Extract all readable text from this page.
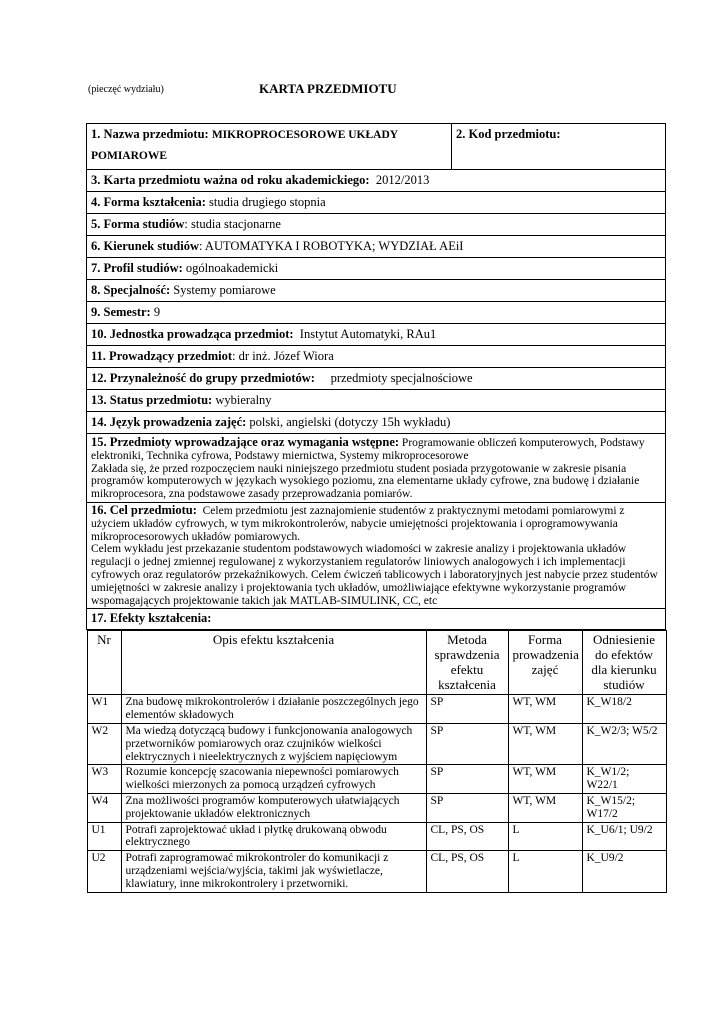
(pieczęć wydziału)	KARTA PRZEDMIOTU
1. Nazwa przedmiotu: MIKROPROCESOROWE UKŁADY
POMIAROWE	2. Kod przedmiotu:
3. Karta przedmiotu ważna od roku akademickiego: 2012/2013
4. Forma kształcenia: studia drugiego stopnia
5. Forma studiów: studia stacjonarne
6. Kierunek studiów: AUTOMATYKA I ROBOTYKA; WYDZIAŁ AEiI
7. Profil studiów: ogólnoakademicki
8. Specjalność: Systemy pomiarowe
9. Semestr: 9
10. Jednostka prowadząca przedmiot: Instytut Automatyki, RAu1
11. Prowadzący przedmiot: dr inż. Józef Wiora
12. Przynależność do grupy przedmiotów: przedmioty specjalnościowe
13. Status przedmiotu: wybieralny
14. Język prowadzenia zajęć: polski, angielski (dotyczy 15h wykładu)

15. Przedmioty wprowadzające oraz wymagania wstępne: Programowanie obliczeń komputerowych, Podstawy elektroniki, Technika cyfrowa, Podstawy miernictwa, Systemy mikroprocesorowe
Zakłada się, że przed rozpoczęciem nauki niniejszego przedmiotu student posiada przygotowanie w zakresie pisania programów komputerowych w językach wysokiego poziomu, zna elementarne układy cyfrowe, zna budowę i działanie mikroprocesora, zna podstawowe zasady przeprowadzania pomiarów.

16. Cel przedmiotu: Celem przedmiotu jest zaznajomienie studentów z praktycznymi metodami pomiarowymi z użyciem układów cyfrowych, w tym mikrokontrolerów, nabycie umiejętności projektowania i oprogramowywania mikroprocesorowych układów pomiarowych.
Celem wykładu jest przekazanie studentom podstawowych wiadomości w zakresie analizy i projektowania układów regulacji o jednej zmiennej regulowanej z wykorzystaniem regulatorów liniowych analogowych i ich implementacji cyfrowych oraz regulatorów przekaźnikowych. Celem ćwiczeń tablicowych i laboratoryjnych jest nabycie przez studentów umiejętności w zakresie analizy i projektowania tych układów, umożliwiające efektywne wykorzystanie programów wspomagających projektowanie takich jak MATLAB-SIMULINK, CC, etc

17. Efekty kształcenia:

Nr	Opis efektu kształcenia	Metoda sprawdzenia efektu kształcenia	Forma prowadzenia zajęć	Odniesienie do efektów dla kierunku studiów
W1	Zna budowę mikrokontrolerów i działanie poszczególnych jego elementów składowych	SP	WT, WM	K_W18/2
W2	Ma wiedzą dotyczącą budowy i funkcjonowania analogowych przetworników pomiarowych oraz czujników wielkości elektrycznych i nieelektrycznych z wyjściem napięciowym	SP	WT, WM	K_W2/3; W5/2
W3	Rozumie koncepcję szacowania niepewności pomiarowych wielkości mierzonych za pomocą urządzeń cyfrowych	SP	WT, WM	K_W1/2; W22/1
W4	Zna możliwości programów komputerowych ułatwiających projektowanie układów elektronicznych	SP	WT, WM	K_W15/2; W17/2
U1	Potrafi zaprojektować układ i płytkę drukowaną obwodu elektrycznego	CL, PS, OS	L	K_U6/1; U9/2
U2	Potrafi zaprogramować mikrokontroler do komunikacji z urządzeniami wejścia/wyjścia, takimi jak wyświetlacze, klawiatury, inne mikrokontrolery i przetworniki.	CL, PS, OS	L	K_U9/2
